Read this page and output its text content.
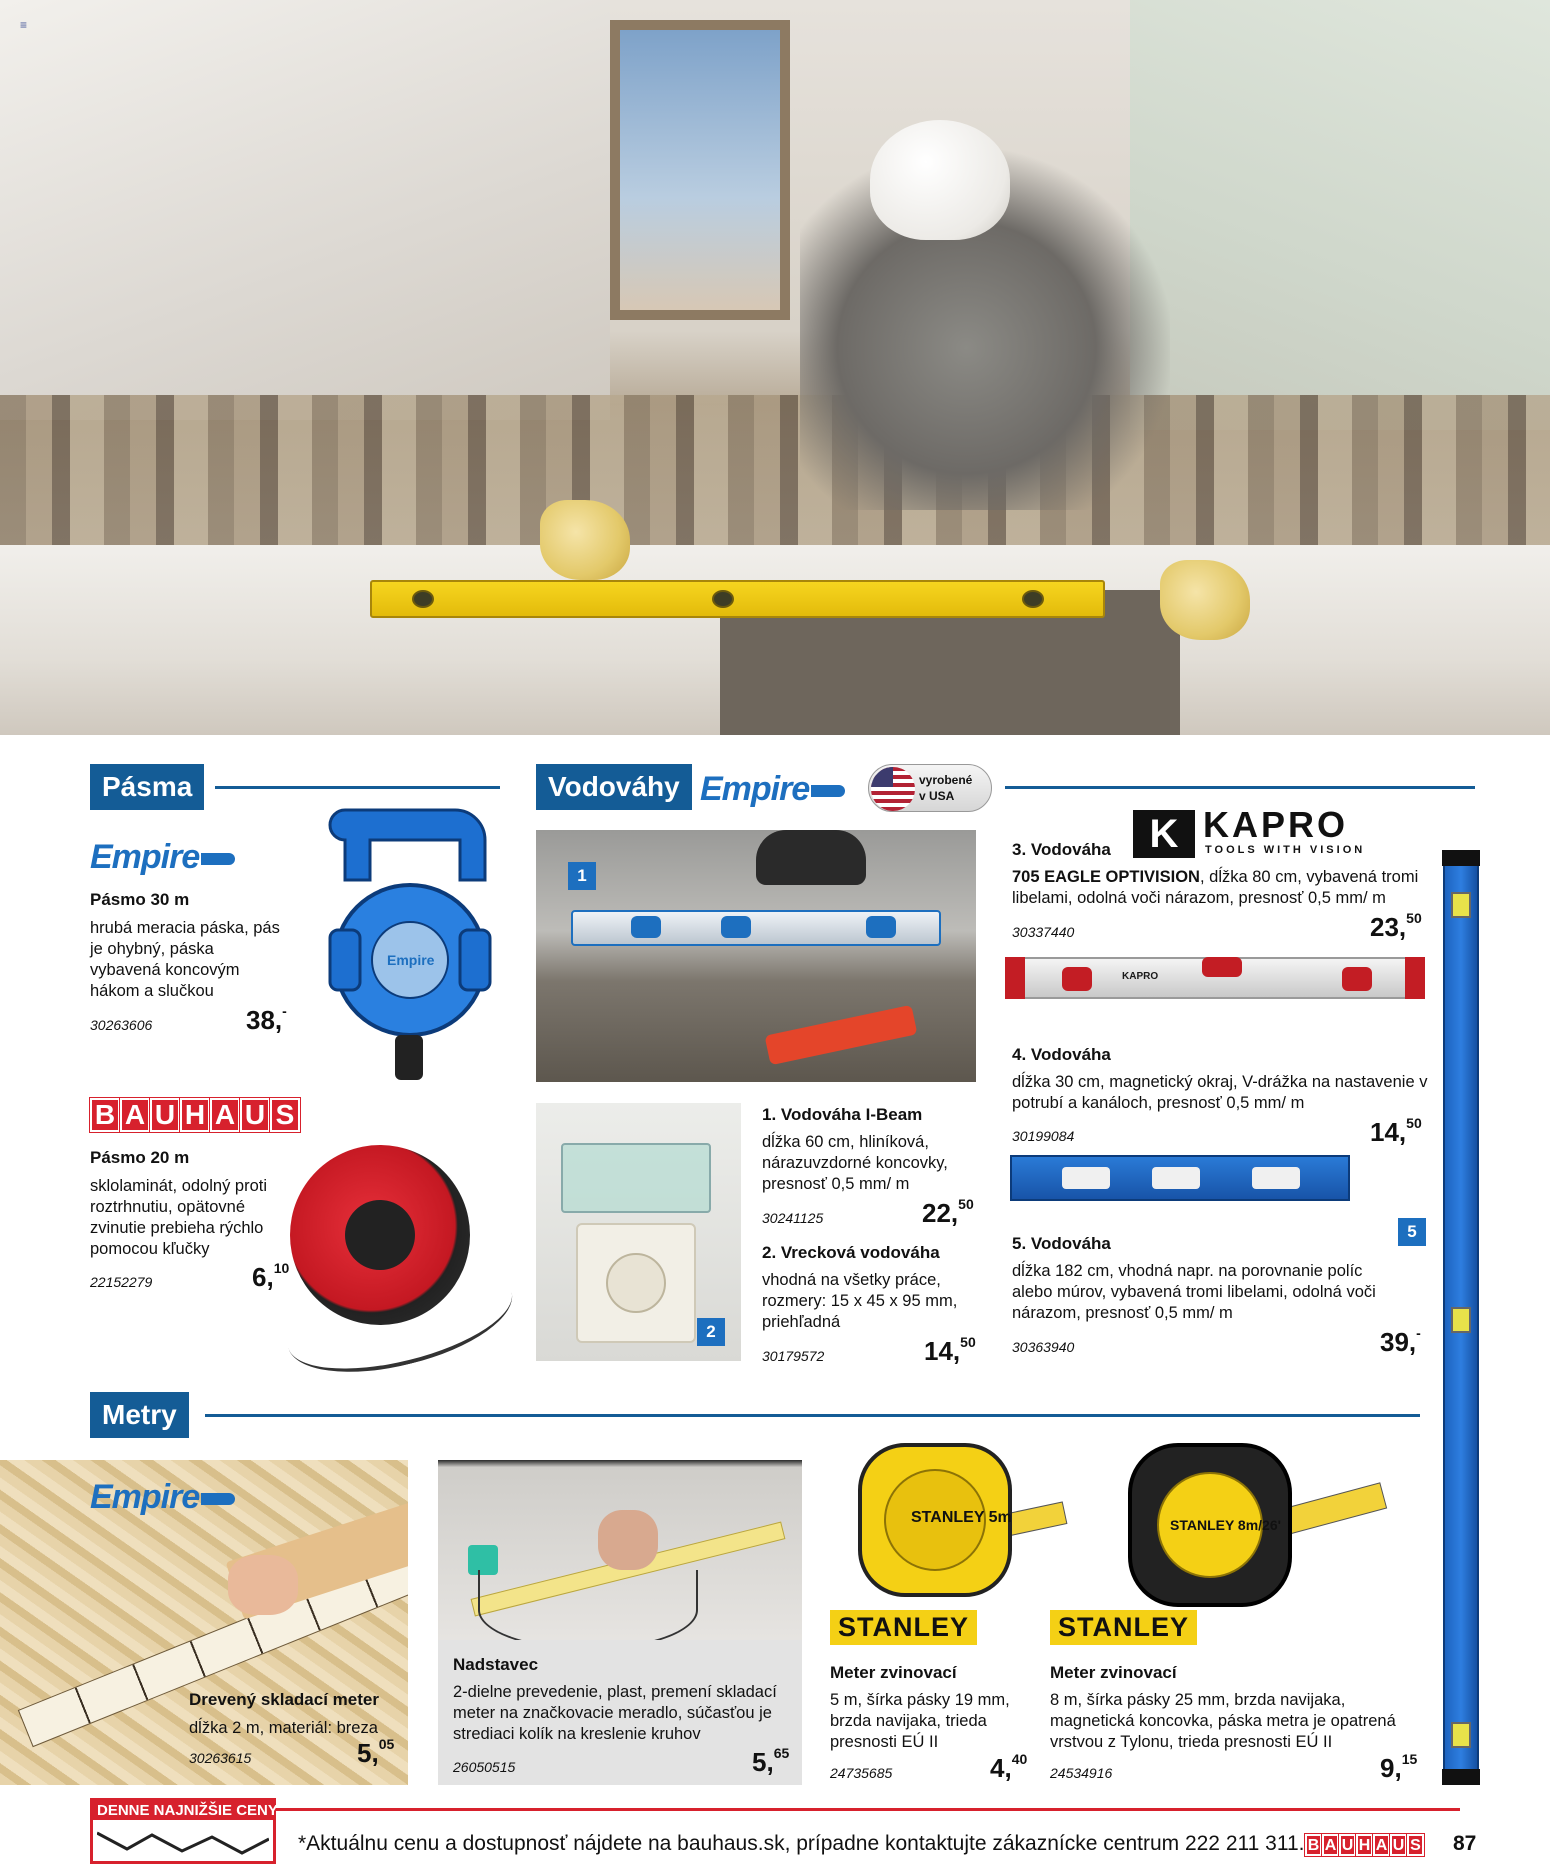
≡
Pásma
Empire
Pásmo 30 m
hrubá meracia páska, pás je ohybný, páska vybavená koncovým hákom a slučkou
30263606	38,-
Empire
B A U H A U S
Pásmo 20 m
sklolaminát, odolný proti roztrhnutiu, opätovné zvinutie prebieha rýchlo pomocou kľučky
22152279	6,10
Vodováhy Empire	vyrobené
v USA
1
2
1. Vodováha I-Beam
dĺžka 60 cm, hliníková, nárazuvzdorné koncovky, presnosť 0,5 mm/ m
30241125	22,50
2. Vrecková vodováha
vhodná na všetky práce, rozmery: 15 x 45 x 95 mm, priehľadná
30179572	14,50
K KAPRO
TOOLS WITH VISION
3. Vodováha
705 EAGLE OPTIVISION, dĺžka 80 cm, vybavená tromi libelami, odolná voči nárazom, presnosť 0,5 mm/ m
30337440	23,50
KAPRO
4. Vodováha
dĺžka 30 cm, magnetický okraj, V-drážka na nastavenie v potrubí a kanáloch, presnosť 0,5 mm/ m
30199084	14,50
5
5. Vodováha
dĺžka 182 cm, vhodná napr. na porovnanie políc alebo múrov, vybavená tromi libelami, odolná voči nárazom, presnosť 0,5 mm/ m
30363940	39,-
Metry
Empire
Drevený skladací meter
dĺžka 2 m, materiál: breza
30263615	5,05
Nadstavec
2-dielne prevedenie, plast, premení skladací meter na značkovacie meradlo, súčasťou je strediaci kolík na kreslenie kruhov
26050515	5,65
STANLEY 5m
STANLEY
Meter zvinovací
5 m, šírka pásky 19 mm, brzda navijaka, trieda presnosti EÚ II
24735685	4,40
STANLEY 8m/26'
STANLEY
Meter zvinovací
8 m, šírka pásky 25 mm, brzda navijaka, magnetická koncovka, páska metra je opatrená vrstvou z Tylonu, trieda presnosti EÚ II
24534916	9,15
DENNE NAJNIŽŠIE CENY
*Aktuálnu cenu a dostupnosť nájdete na bauhaus.sk, prípadne kontaktujte zákaznícke centrum 222 211 311. B A U H A U S 87
